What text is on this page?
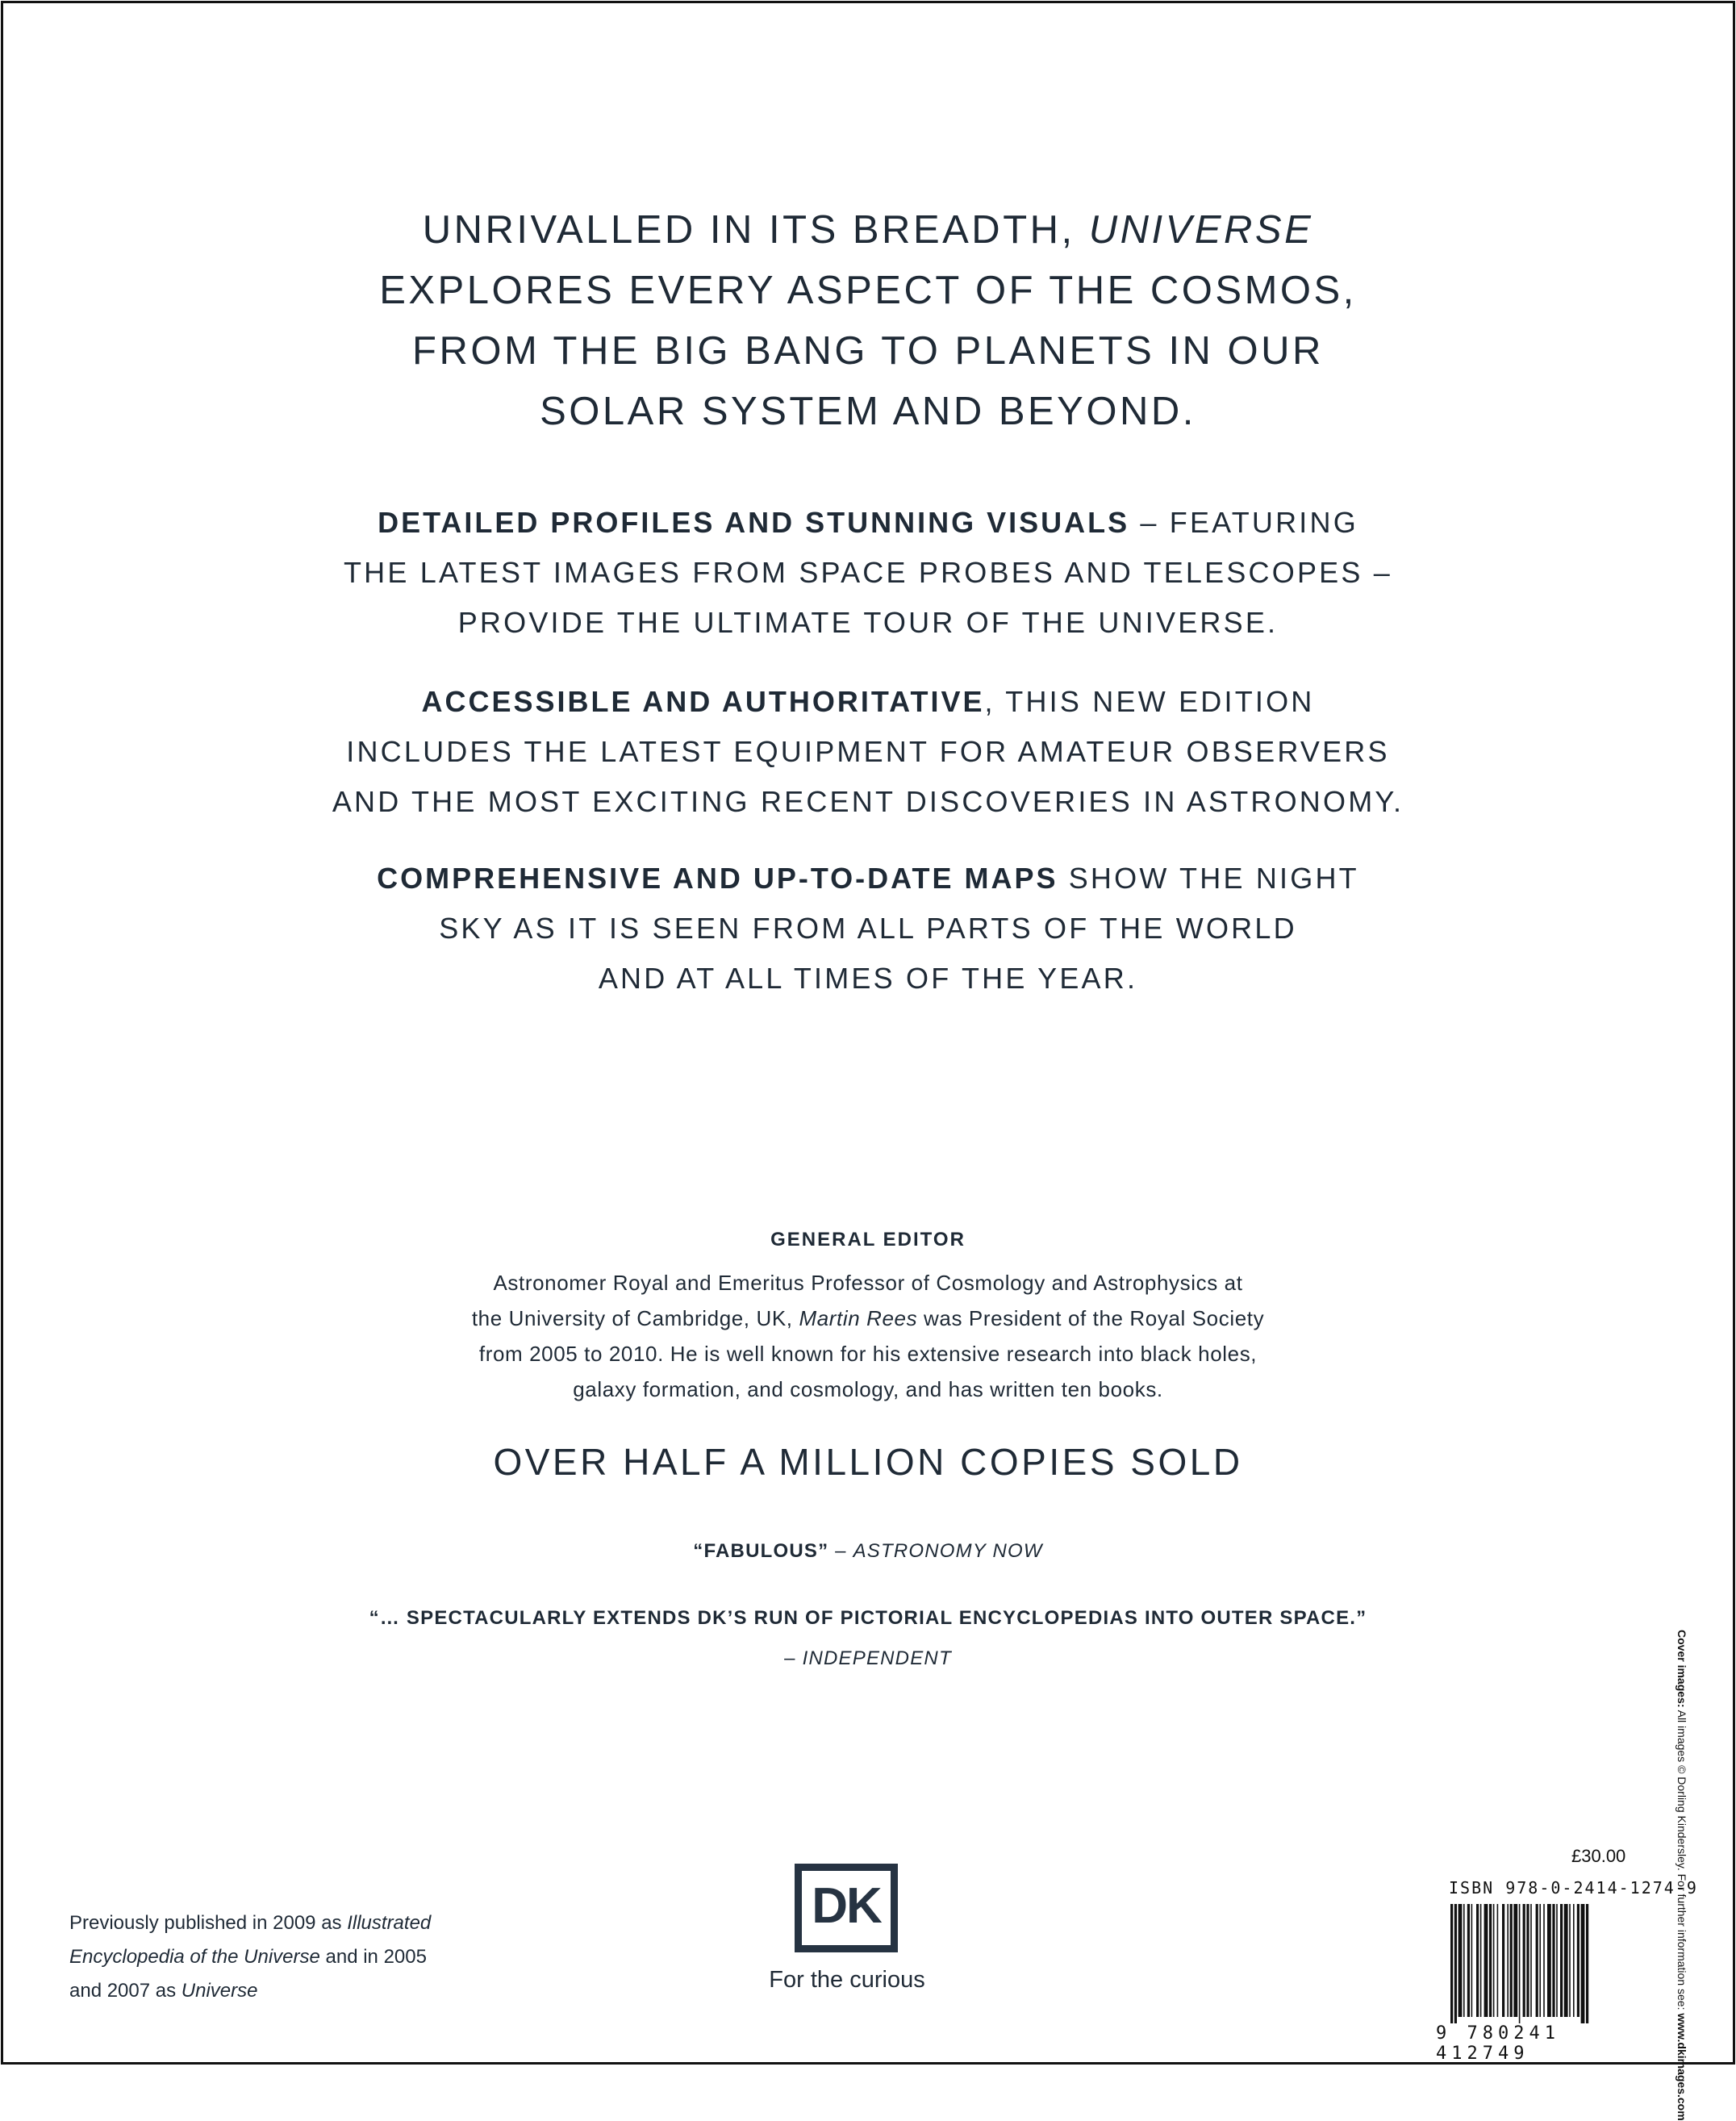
UNRIVALLED IN ITS BREADTH, UNIVERSE
EXPLORES EVERY ASPECT OF THE COSMOS,
FROM THE BIG BANG TO PLANETS IN OUR
SOLAR SYSTEM AND BEYOND.
DETAILED PROFILES AND STUNNING VISUALS – FEATURING
THE LATEST IMAGES FROM SPACE PROBES AND TELESCOPES –
PROVIDE THE ULTIMATE TOUR OF THE UNIVERSE.
ACCESSIBLE AND AUTHORITATIVE, THIS NEW EDITION
INCLUDES THE LATEST EQUIPMENT FOR AMATEUR OBSERVERS
AND THE MOST EXCITING RECENT DISCOVERIES IN ASTRONOMY.
COMPREHENSIVE AND UP-TO-DATE MAPS SHOW THE NIGHT
SKY AS IT IS SEEN FROM ALL PARTS OF THE WORLD
AND AT ALL TIMES OF THE YEAR.
GENERAL EDITOR
Astronomer Royal and Emeritus Professor of Cosmology and Astrophysics at
the University of Cambridge, UK, Martin Rees was President of the Royal Society
from 2005 to 2010. He is well known for his extensive research into black holes,
galaxy formation, and cosmology, and has written ten books.
OVER HALF A MILLION COPIES SOLD
“FABULOUS” – ASTRONOMY NOW
“… SPECTACULARLY EXTENDS DK’S RUN OF PICTORIAL ENCYCLOPEDIAS INTO OUTER SPACE.”
– INDEPENDENT
Previously published in 2009 as Illustrated
Encyclopedia of the Universe and in 2005
and 2007 as Universe
DK
For the curious
£30.00
ISBN 978-0-2414-1274-9
9 780241 412749
Cover images: All images © Dorling Kindersley. For further information see: www.dkimages.com
